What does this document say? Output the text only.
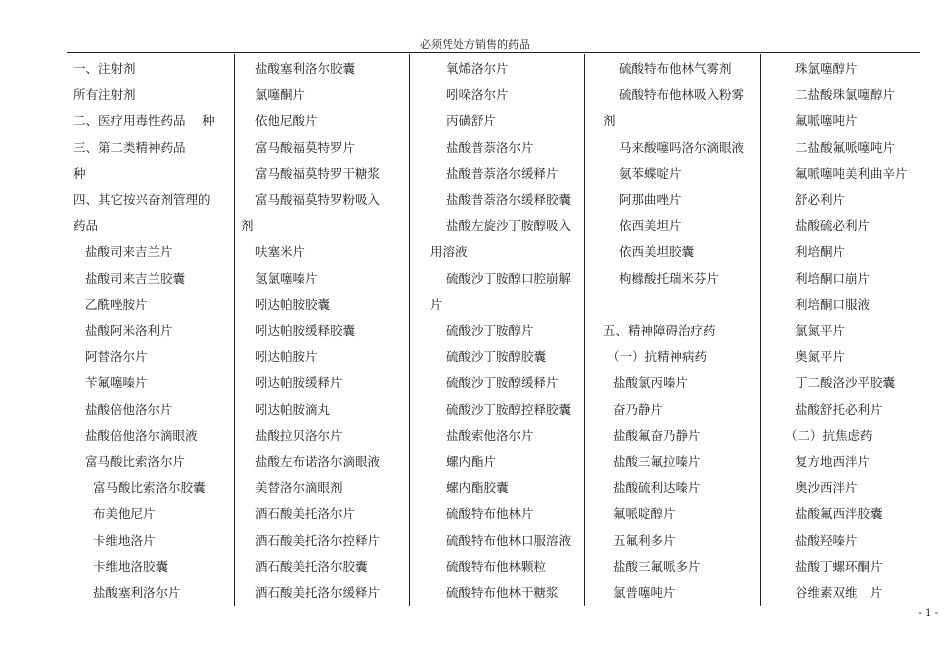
必须凭处方销售的药品
一、注射剂
所有注射剂
二、医疗用毒性药品　 种
三、第二类精神药品
种
四、其它按兴奋剂管理的
药品
盐酸司来吉兰片
盐酸司来吉兰胶囊
乙酰唑胺片
盐酸阿米洛利片
阿替洛尔片
苄氟噻嗪片
盐酸倍他洛尔片
盐酸倍他洛尔滴眼液
富马酸比索洛尔片
富马酸比索洛尔胶囊
布美他尼片
卡维地洛片
卡维地洛胶囊
盐酸塞利洛尔片
盐酸塞利洛尔胶囊
氯噻酮片
依他尼酸片
富马酸福莫特罗片
富马酸福莫特罗干糖浆
富马酸福莫特罗粉吸入
剂
呋塞米片
氢氯噻嗪片
吲达帕胺胶囊
吲达帕胺缓释胶囊
吲达帕胺片
吲达帕胺缓释片
吲达帕胺滴丸
盐酸拉贝洛尔片
盐酸左布诺洛尔滴眼液
美替洛尔滴眼剂
酒石酸美托洛尔片
酒石酸美托洛尔控释片
酒石酸美托洛尔胶囊
酒石酸美托洛尔缓释片
氧烯洛尔片
吲哚洛尔片
丙磺舒片
盐酸普萘洛尔片
盐酸普萘洛尔缓释片
盐酸普萘洛尔缓释胶囊
盐酸左旋沙丁胺醇吸入
用溶液
硫酸沙丁胺醇口腔崩解
片
硫酸沙丁胺醇片
硫酸沙丁胺醇胶囊
硫酸沙丁胺醇缓释片
硫酸沙丁胺醇控释胶囊
盐酸索他洛尔片
螺内酯片
螺内酯胶囊
硫酸特布他林片
硫酸特布他林口服溶液
硫酸特布他林颗粒
硫酸特布他林干糖浆
硫酸特布他林气雾剂
硫酸特布他林吸入粉雾
剂
马来酸噻吗洛尔滴眼液
氨苯蝶啶片
阿那曲唑片
依西美坦片
依西美坦胶囊
枸橼酸托瑞米芬片
五、精神障碍治疗药
（一）抗精神病药
盐酸氯丙嗪片
奋乃静片
盐酸氟奋乃静片
盐酸三氟拉嗪片
盐酸硫利达嗪片
氟哌啶醇片
五氟利多片
盐酸三氟哌多片
氯普噻吨片
珠氯噻醇片
二盐酸珠氯噻醇片
氟哌噻吨片
二盐酸氟哌噻吨片
氟哌噻吨美利曲辛片
舒必利片
盐酸硫必利片
利培酮片
利培酮口崩片
利培酮口服液
氯氮平片
奥氮平片
丁二酸洛沙平胶囊
盐酸舒托必利片
（二）抗焦虑药
复方地西泮片
奥沙西泮片
盐酸氟西泮胶囊
盐酸羟嗪片
盐酸丁螺环酮片
谷维素双维　片
- 1 -
